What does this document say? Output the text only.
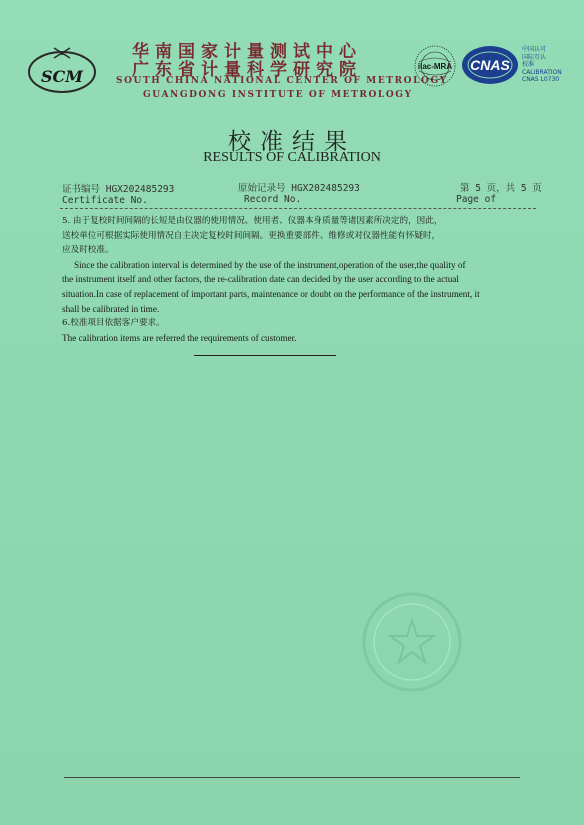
SCM
华南国家计量测试中心
广东省计量科学研究院
SOUTH CHINA NATIONAL CENTER OF METROLOGY
GUANGDONG INSTITUTE OF METROLOGY
ilac-MRA CNAS
中国认可
国际互认
校准
CALIBRATION
CNAS L0730
校准结果
RESULTS OF CALIBRATION
证书编号 HGX202485293
Certificate No.
原始记录号 HGX202485293
Record No.
第 5 页，共 5 页
Page of

5. 由于复校时间间隔的长短是由仪器的使用情况、使用者、仪器本身质量等诸因素所决定的，因此，

送校单位可根据实际使用情况自主决定复校时间间隔。更换重要部件、维修或对仪器性能有怀疑时，

应及时校准。

Since the calibration interval is determined by the use of the instrument,operation of the user,the quality of

the instrument itself and other factors, the re-calibration date can decided by the user according to the actual

situation.In case of replacement of important parts, maintenance or doubt on the performance of the instrument, it

shall be calibrated in time.

6.校准项目依据客户要求。

The calibration items are referred the requirements of customer.
